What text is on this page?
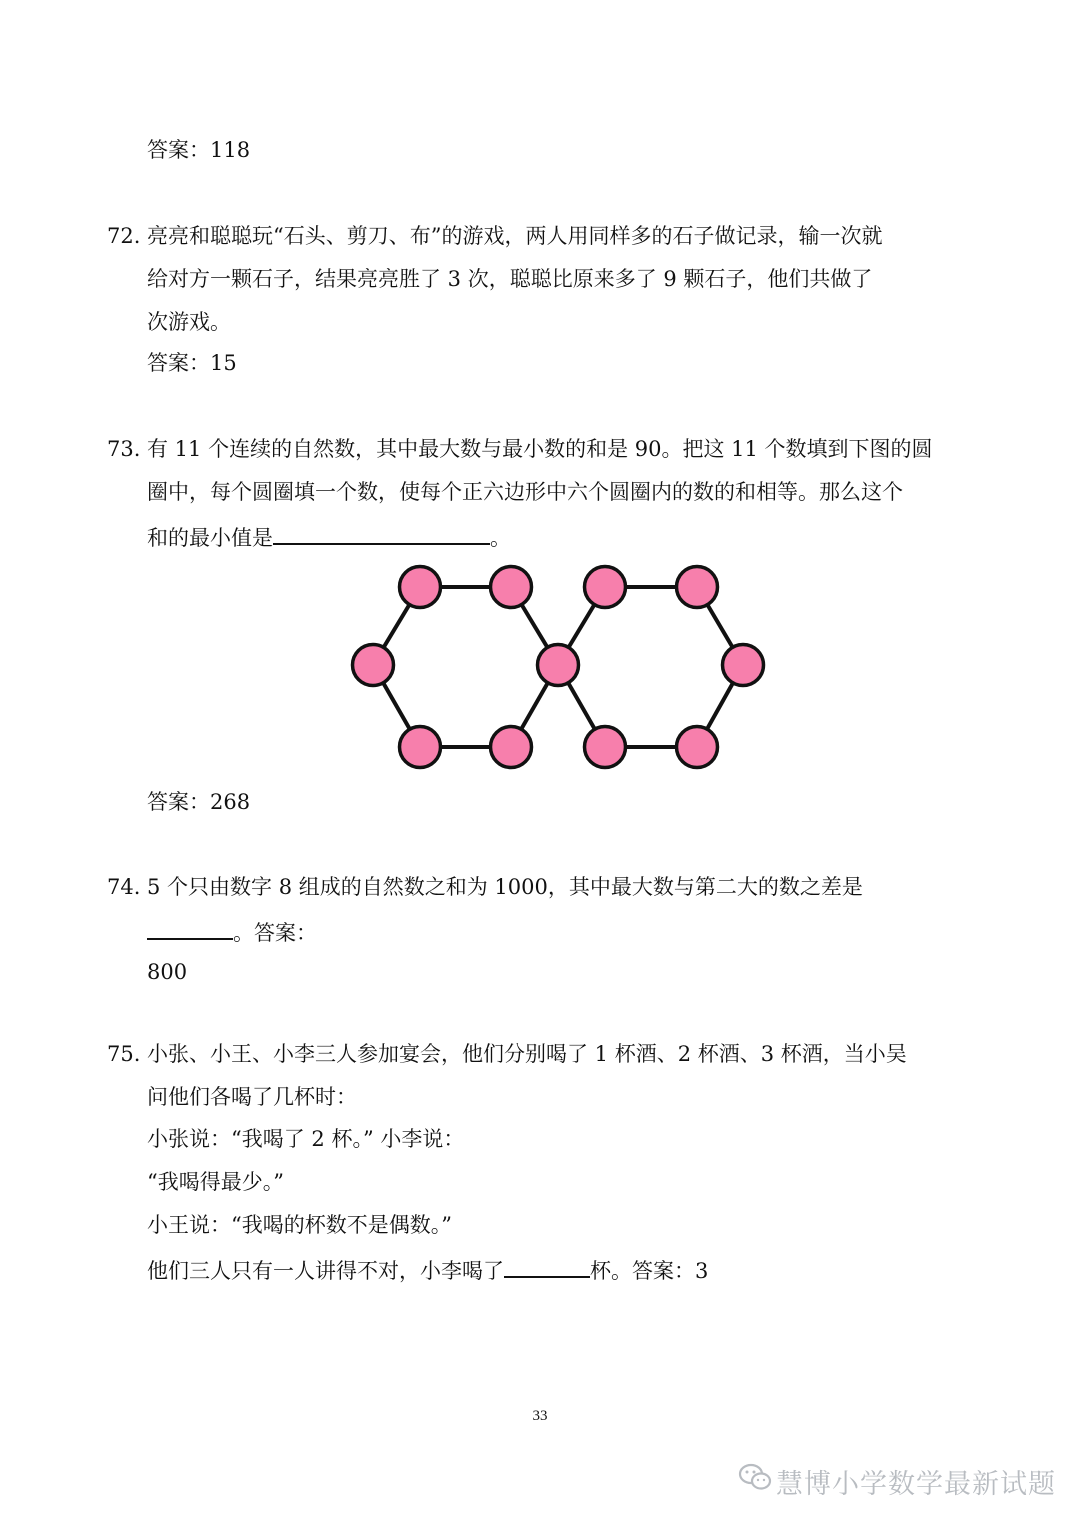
答案：118
72. 亮亮和聪聪玩“石头、剪刀、布”的游戏，两人用同样多的石子做记录，输一次就
给对方一颗石子，结果亮亮胜了 3 次，聪聪比原来多了 9 颗石子，他们共做了
次游戏。
答案：15
73. 有 11 个连续的自然数，其中最大数与最小数的和是 90。把这 11 个数填到下图的圆
圈中，每个圆圈填一个数，使每个正六边形中六个圆圈内的数的和相等。那么这个
和的最小值是	。
答案：268
74. 5 个只由数字 8 组成的自然数之和为 1000，其中最大数与第二大的数之差是
。答案：
800
75. 小张、小王、小李三人参加宴会，他们分别喝了 1 杯酒、2 杯酒、3 杯酒，当小吴
问他们各喝了几杯时：
小张说：“我喝了 2 杯。” 小李说：
“我喝得最少。”
小王说：“我喝的杯数不是偶数。”
他们三人只有一人讲得不对，小李喝了	杯。答案：3
33
慧博小学数学最新试题
